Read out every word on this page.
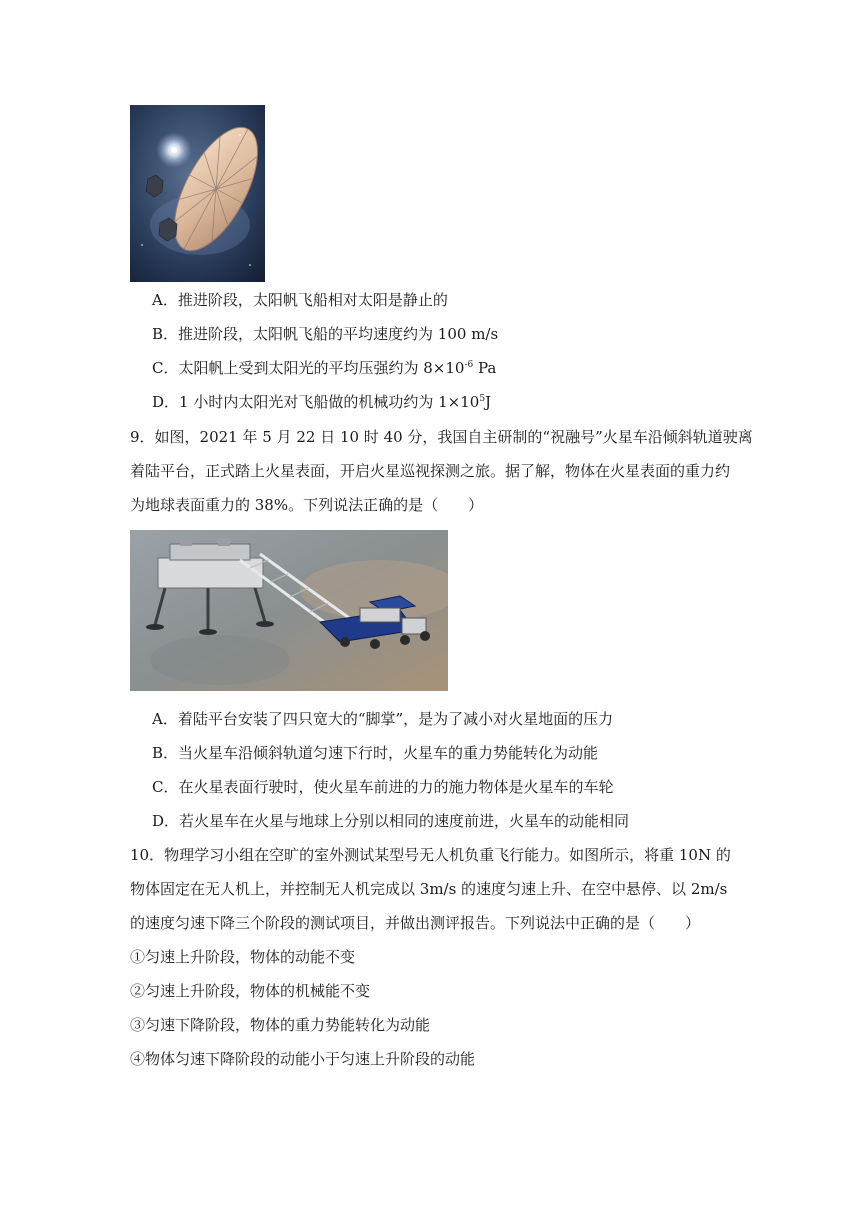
A．推进阶段，太阳帆飞船相对太阳是静止的
B．推进阶段，太阳帆飞船的平均速度约为 100 m/s
C．太阳帆上受到太阳光的平均压强约为 $8\times 10^{-6}$ Pa
D．1 小时内太阳光对飞船做的机械功约为 $1\times 10^5J$
9．如图，2021 年 5 月 22 日 10 时 40 分，我国自主研制的“祝融号”火星车沿倾斜轨道驶离
着陆平台，正式踏上火星表面，开启火星巡视探测之旅。据了解，物体在火星表面的重力约
为地球表面重力的 38%。下列说法正确的是（　　）
A．着陆平台安装了四只宽大的“脚掌”，是为了减小对火星地面的压力
B．当火星车沿倾斜轨道匀速下行时，火星车的重力势能转化为动能
C．在火星表面行驶时，使火星车前进的力的施力物体是火星车的车轮
D．若火星车在火星与地球上分别以相同的速度前进，火星车的动能相同
10．物理学习小组在空旷的室外测试某型号无人机负重飞行能力。如图所示，将重 10N 的
物体固定在无人机上，并控制无人机完成以 3m/s 的速度匀速上升、在空中悬停、以 2m/s
的速度匀速下降三个阶段的测试项目，并做出测评报告。下列说法中正确的是（　　）
①匀速上升阶段，物体的动能不变
②匀速上升阶段，物体的机械能不变
③匀速下降阶段，物体的重力势能转化为动能
④物体匀速下降阶段的动能小于匀速上升阶段的动能
